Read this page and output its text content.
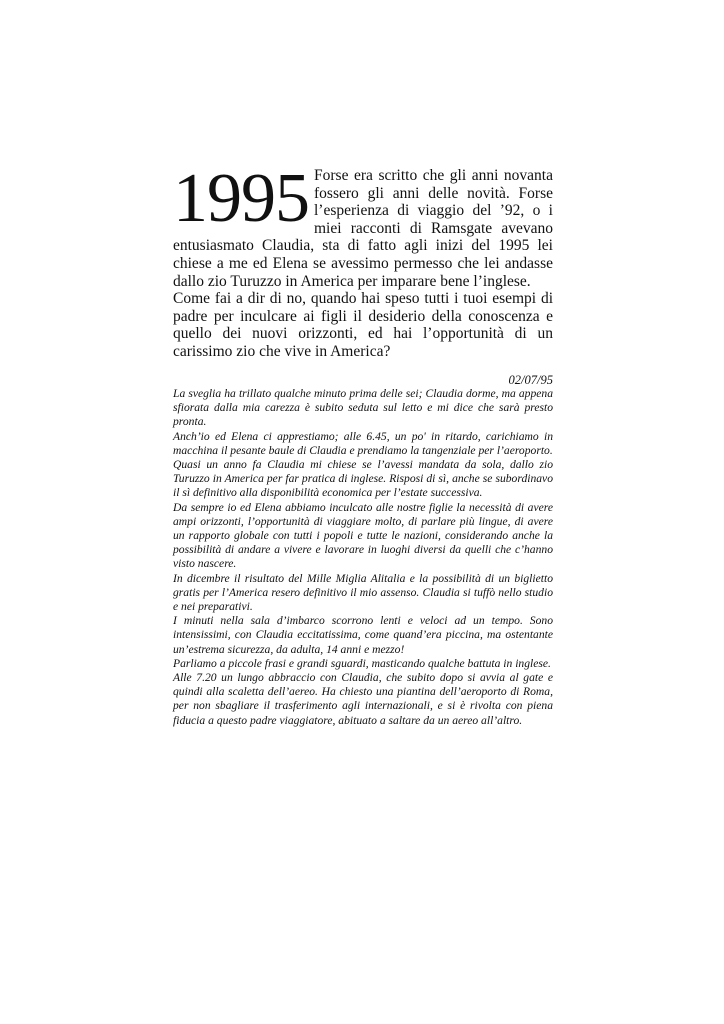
1995 Forse era scritto che gli anni novanta fossero gli anni delle novità. Forse l’esperienza di viaggio del ’92, o i miei racconti di Ramsgate avevano entusiasmato Claudia, sta di fatto agli inizi del 1995 lei chiese a me ed Elena se avessimo permesso che lei andasse dallo zio Turuzzo in America per imparare bene l’inglese.

Come fai a dir di no, quando hai speso tutti i tuoi esempi di padre per inculcare ai figli il desiderio della conoscenza e quello dei nuovi orizzonti, ed hai l’opportunità di un carissimo zio che vive in America?

02/07/95

La sveglia ha trillato qualche minuto prima delle sei; Claudia dorme, ma appena sfiorata dalla mia carezza è subito seduta sul letto e mi dice che sarà presto pronta.

Anch’io ed Elena ci apprestiamo; alle 6.45, un po' in ritardo, carichiamo in macchina il pesante baule di Claudia e prendiamo la tangenziale per l’aeroporto.

Quasi un anno fa Claudia mi chiese se l’avessi mandata da sola, dallo zio Turuzzo in America per far pratica di inglese. Risposi di sì, anche se subordinavo il sì definitivo alla disponibilità economica per l’estate successiva.

Da sempre io ed Elena abbiamo inculcato alle nostre figlie la necessità di avere ampi orizzonti, l’opportunità di viaggiare molto, di parlare più lingue, di avere un rapporto globale con tutti i popoli e tutte le nazioni, considerando anche la possibilità di andare a vivere e lavorare in luoghi diversi da quelli che c’hanno visto nascere.

In dicembre il risultato del Mille Miglia Alitalia e la possibilità di un biglietto gratis per l’America resero definitivo il mio assenso. Claudia si tuffò nello studio e nei preparativi.

I minuti nella sala d’imbarco scorrono lenti e veloci ad un tempo. Sono intensissimi, con Claudia eccitatissima, come quand’era piccina, ma ostentante un’estrema sicurezza, da adulta, 14 anni e mezzo!

Parliamo a piccole frasi e grandi sguardi, masticando qualche battuta in inglese.

Alle 7.20 un lungo abbraccio con Claudia, che subito dopo si avvia al gate e quindi alla scaletta dell’aereo. Ha chiesto una piantina dell’aeroporto di Roma, per non sbagliare il trasferimento agli internazionali, e si è rivolta con piena fiducia a questo padre viaggiatore, abituato a saltare da un aereo all’altro.
